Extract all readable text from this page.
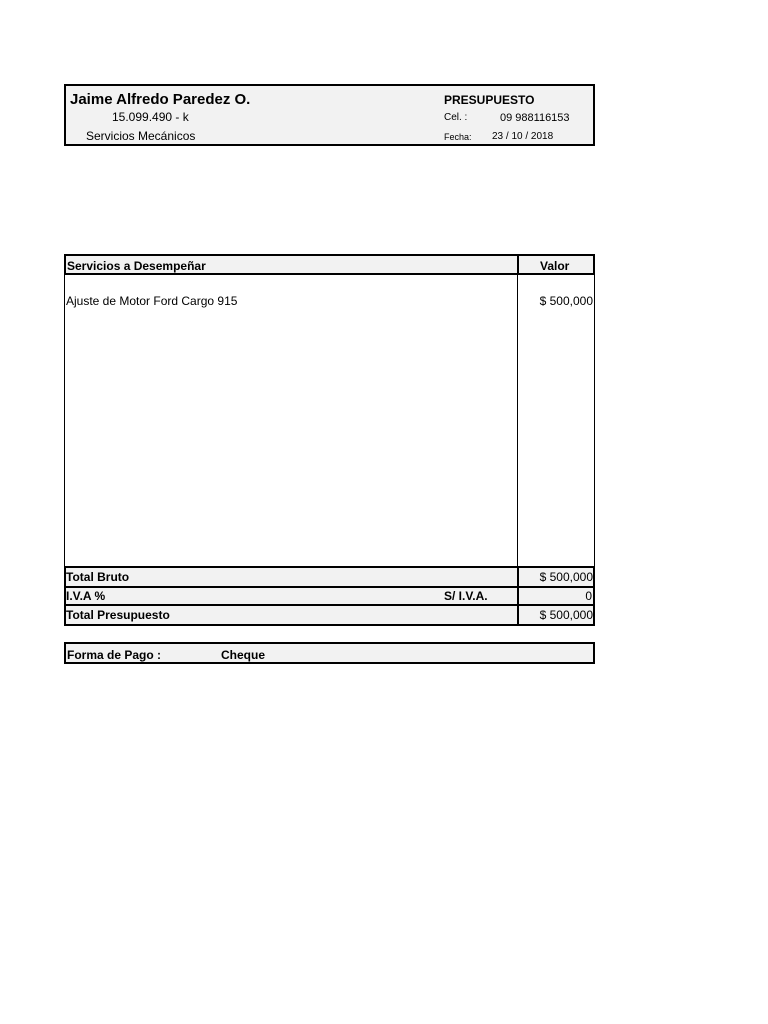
Jaime Alfredo Paredez O.
15.099.490 - k
Servicios Mecánicos
PRESUPUESTO
Cel. :	09 988116153
Fecha: 23 / 10 / 2018
Servicios a Desempeñar	Valor
Ajuste de Motor Ford Cargo 915	$ 500,000
Total Bruto	$ 500,000
I.V.A %	S/ I.V.A.	0
Total Presupuesto	$ 500,000
Forma de Pago :	Cheque
